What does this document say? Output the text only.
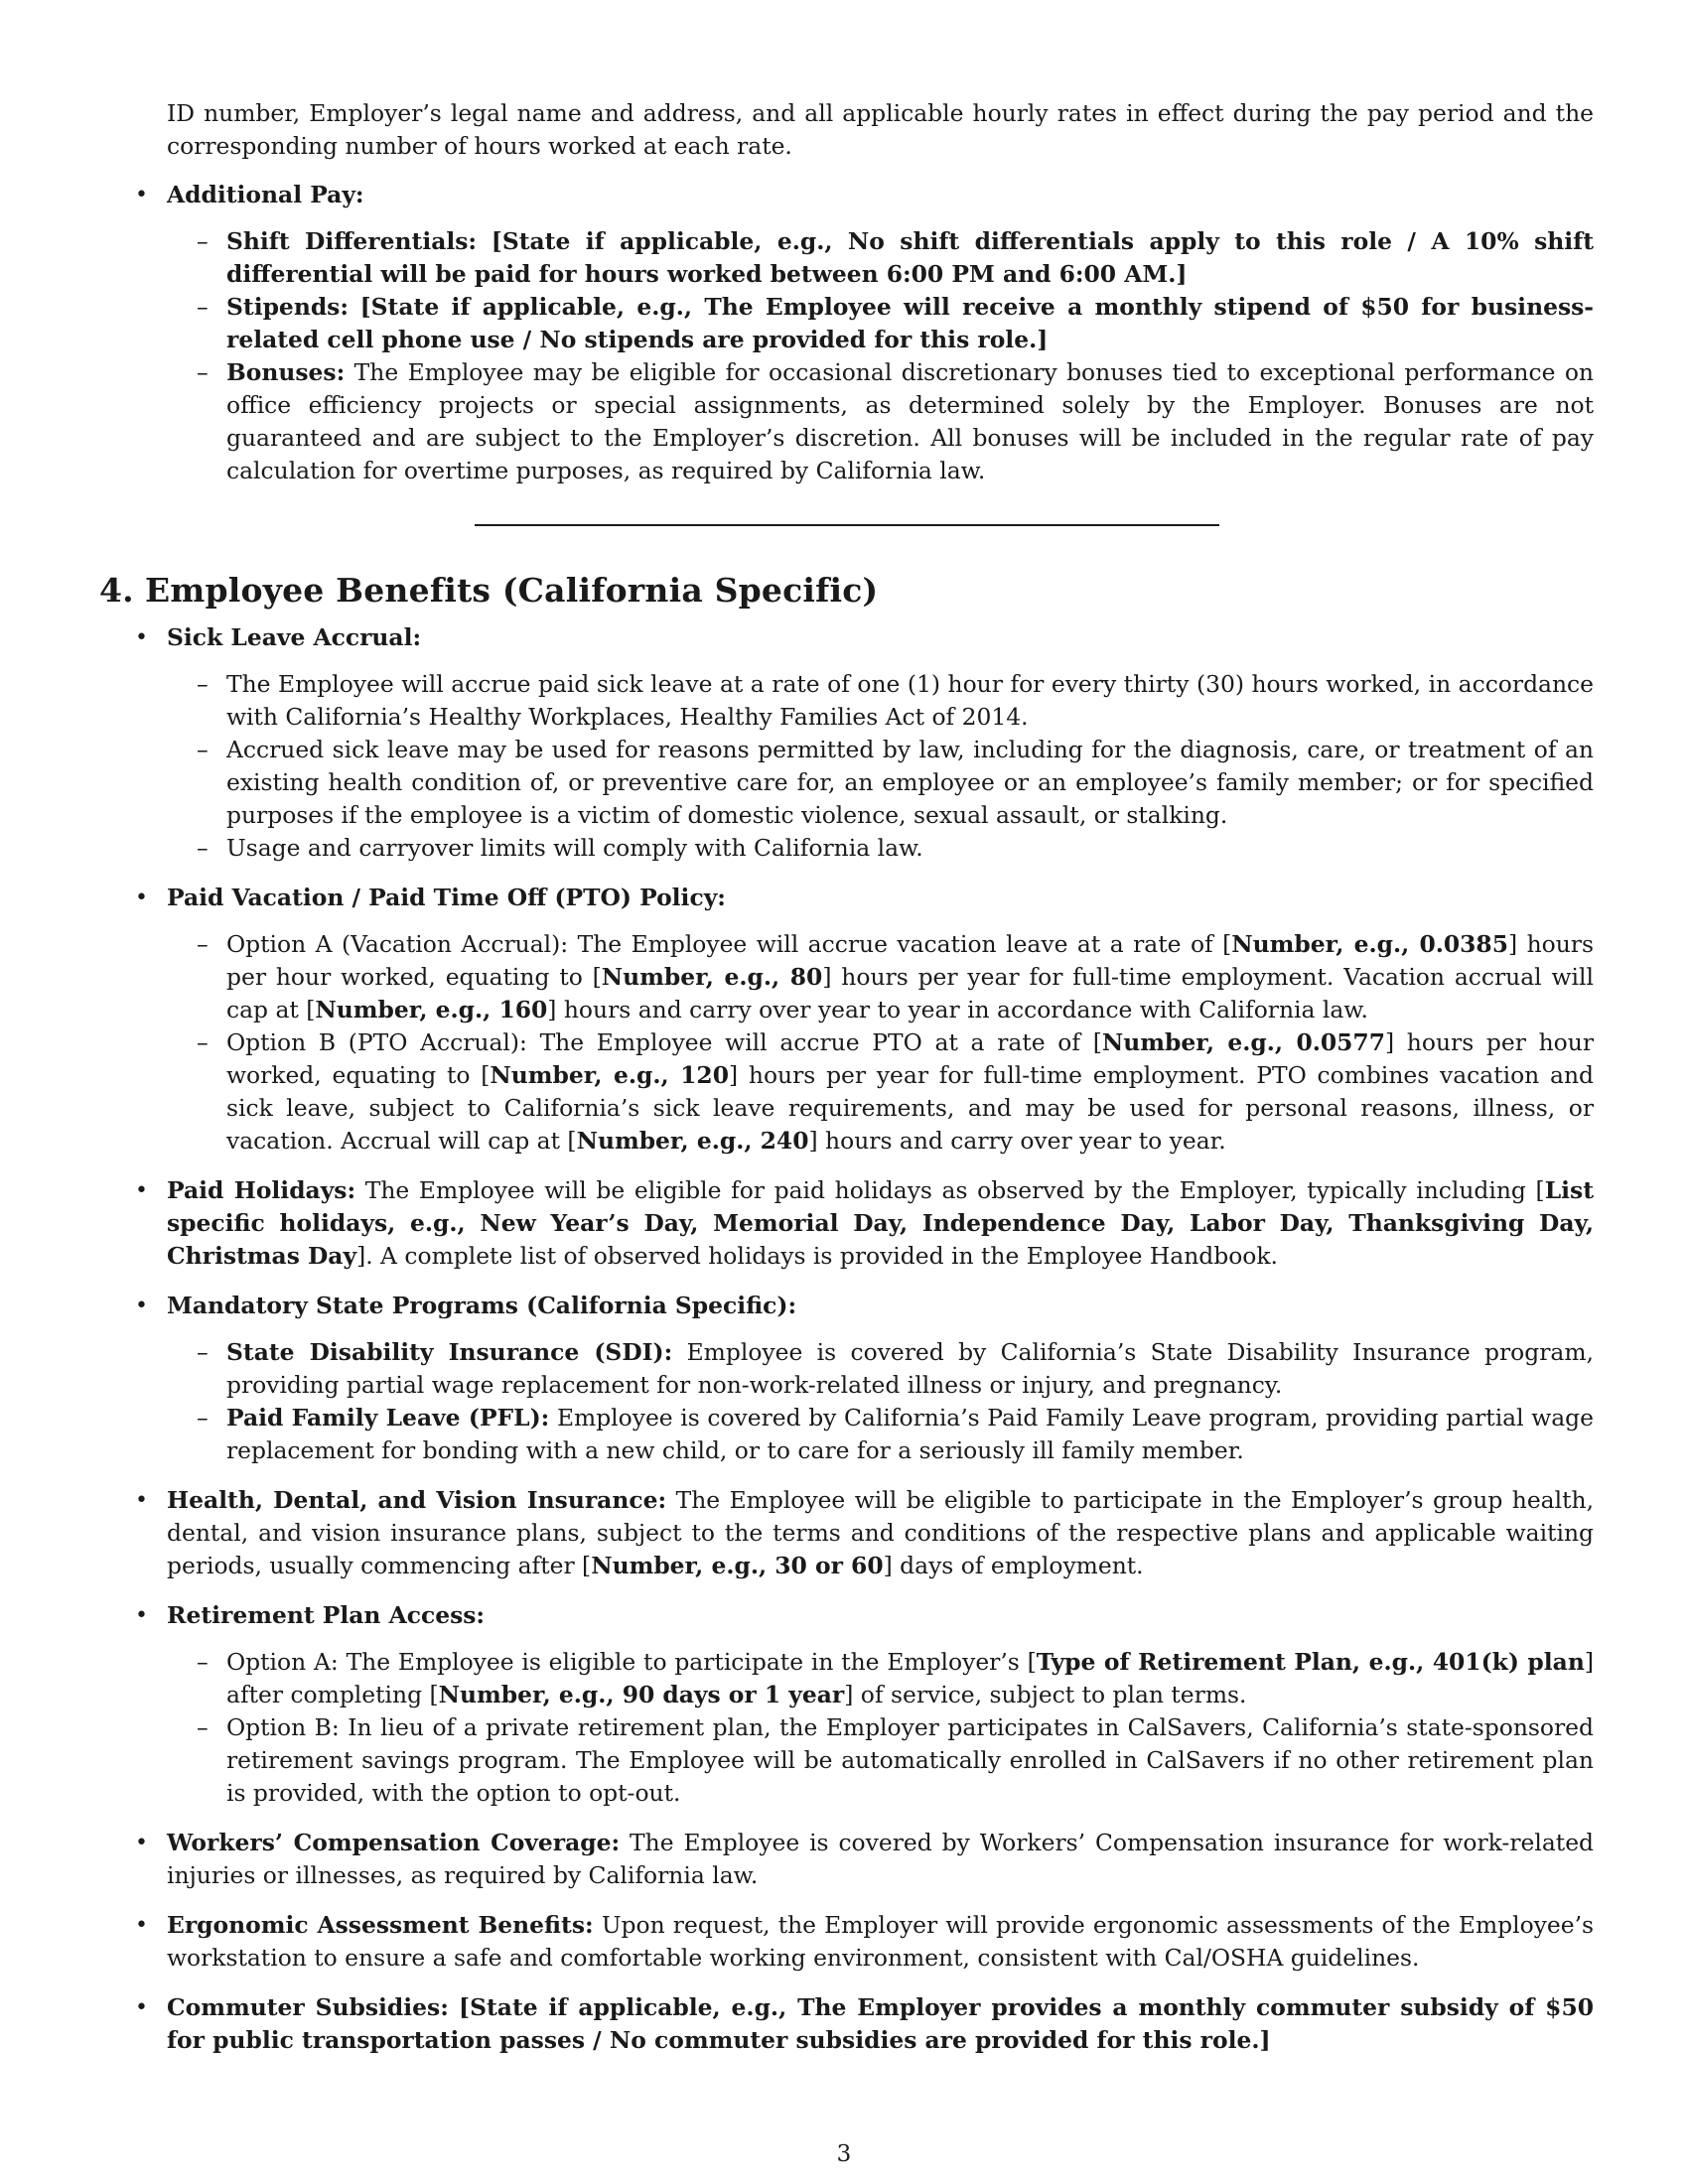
ID number, Employer’s legal name and address, and all applicable hourly rates in effect during the pay period and the corresponding number of hours worked at each rate.

• Additional Pay:

– Shift Differentials: [State if applicable, e.g., No shift differentials apply to this role / A 10% shift differential will be paid for hours worked between 6:00 PM and 6:00 AM.]

– Stipends: [State if applicable, e.g., The Employee will receive a monthly stipend of $50 for business-related cell phone use / No stipends are provided for this role.]

– Bonuses: The Employee may be eligible for occasional discretionary bonuses tied to exceptional performance on office efficiency projects or special assignments, as determined solely by the Employer. Bonuses are not guaranteed and are subject to the Employer’s discretion. All bonuses will be included in the regular rate of pay calculation for overtime purposes, as required by California law.

4. Employee Benefits (California Specific)

• Sick Leave Accrual:

– The Employee will accrue paid sick leave at a rate of one (1) hour for every thirty (30) hours worked, in accordance with California’s Healthy Workplaces, Healthy Families Act of 2014.

– Accrued sick leave may be used for reasons permitted by law, including for the diagnosis, care, or treatment of an existing health condition of, or preventive care for, an employee or an employee’s family member; or for specified purposes if the employee is a victim of domestic violence, sexual assault, or stalking.

– Usage and carryover limits will comply with California law.

• Paid Vacation / Paid Time Off (PTO) Policy:

– Option A (Vacation Accrual): The Employee will accrue vacation leave at a rate of [Number, e.g., 0.0385] hours per hour worked, equating to [Number, e.g., 80] hours per year for full-time employment. Vacation accrual will cap at [Number, e.g., 160] hours and carry over year to year in accordance with California law.

– Option B (PTO Accrual): The Employee will accrue PTO at a rate of [Number, e.g., 0.0577] hours per hour worked, equating to [Number, e.g., 120] hours per year for full-time employment. PTO combines vacation and sick leave, subject to California’s sick leave requirements, and may be used for personal reasons, illness, or vacation. Accrual will cap at [Number, e.g., 240] hours and carry over year to year.

• Paid Holidays: The Employee will be eligible for paid holidays as observed by the Employer, typically including [List specific holidays, e.g., New Year’s Day, Memorial Day, Independence Day, Labor Day, Thanksgiving Day, Christmas Day]. A complete list of observed holidays is provided in the Employee Handbook.

• Mandatory State Programs (California Specific):

– State Disability Insurance (SDI): Employee is covered by California’s State Disability Insurance program, providing partial wage replacement for non-work-related illness or injury, and pregnancy.

– Paid Family Leave (PFL): Employee is covered by California’s Paid Family Leave program, providing partial wage replacement for bonding with a new child, or to care for a seriously ill family member.

• Health, Dental, and Vision Insurance: The Employee will be eligible to participate in the Employer’s group health, dental, and vision insurance plans, subject to the terms and conditions of the respective plans and applicable waiting periods, usually commencing after [Number, e.g., 30 or 60] days of employment.

• Retirement Plan Access:

– Option A: The Employee is eligible to participate in the Employer’s [Type of Retirement Plan, e.g., 401(k) plan] after completing [Number, e.g., 90 days or 1 year] of service, subject to plan terms.

– Option B: In lieu of a private retirement plan, the Employer participates in CalSavers, California’s state-sponsored retirement savings program. The Employee will be automatically enrolled in CalSavers if no other retirement plan is provided, with the option to opt-out.

• Workers’ Compensation Coverage: The Employee is covered by Workers’ Compensation insurance for work-related injuries or illnesses, as required by California law.

• Ergonomic Assessment Benefits: Upon request, the Employer will provide ergonomic assessments of the Employee’s workstation to ensure a safe and comfortable working environment, consistent with Cal/OSHA guidelines.

• Commuter Subsidies: [State if applicable, e.g., The Employer provides a monthly commuter subsidy of $50 for public transportation passes / No commuter subsidies are provided for this role.]

3
